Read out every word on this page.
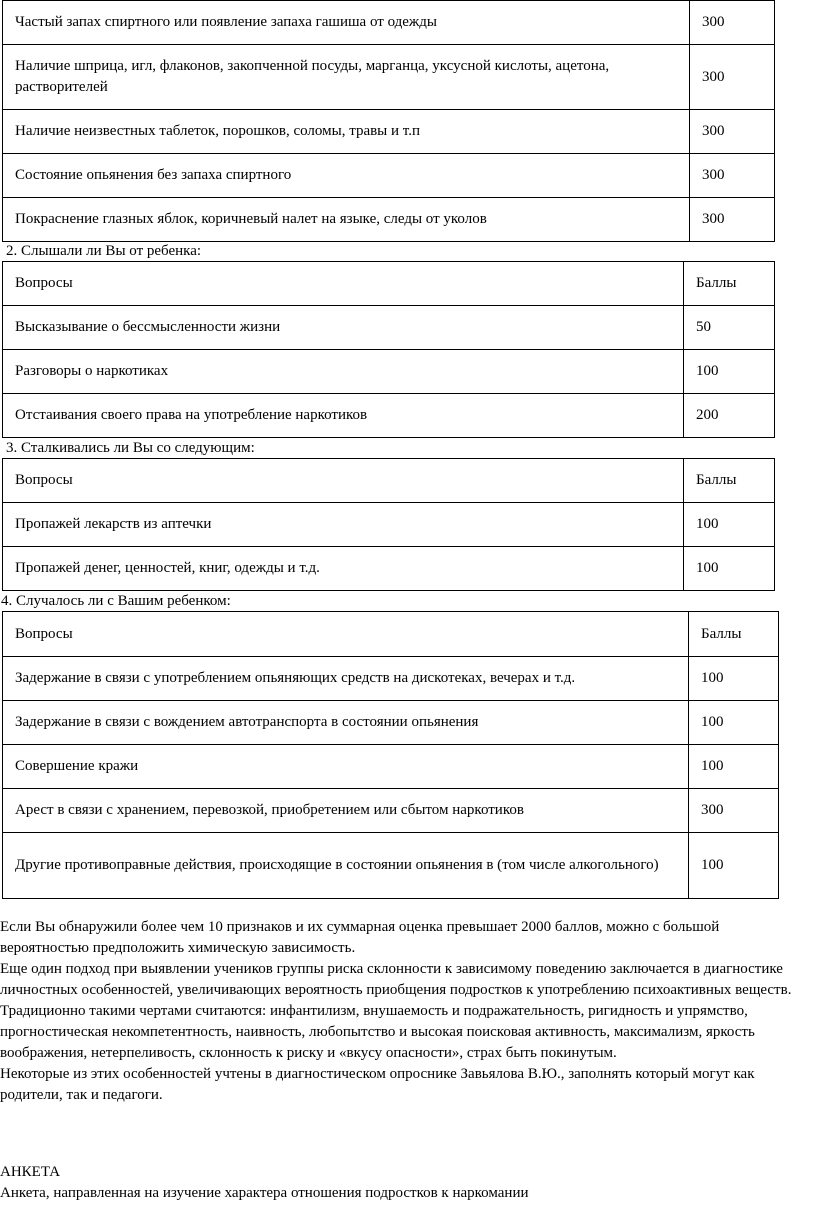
Частый запах спиртного или появление запаха гашиша от одежды	300
Наличие шприца, игл, флаконов, закопченной посуды, марганца, уксусной кислоты, ацетона, растворителей	300
Наличие неизвестных таблеток, порошков, соломы, травы и т.п	300
Состояние опьянения без запаха спиртного	300
Покраснение глазных яблок, коричневый налет на языке, следы от уколов	300
2. Слышали ли Вы от ребенка:
Вопросы	Баллы
Высказывание о бессмысленности жизни	50
Разговоры о наркотиках	100
Отстаивания своего права на употребление наркотиков	200
3. Сталкивались ли Вы со следующим:
Вопросы	Баллы
Пропажей лекарств из аптечки	100
Пропажей денег, ценностей, книг, одежды и т.д.	100
4. Случалось ли с Вашим ребенком:
Вопросы	Баллы
Задержание в связи с употреблением опьяняющих средств на дискотеках, вечерах и т.д.	100
Задержание в связи с вождением автотранспорта в состоянии опьянения	100
Совершение кражи	100
Арест в связи с хранением, перевозкой, приобретением или сбытом наркотиков	300
Другие противоправные действия, происходящие в состоянии опьянения в (том числе алкогольного)	100

Если Вы обнаружили более чем 10 признаков и их суммарная оценка превышает 2000 баллов, можно с большой вероятностью предположить химическую зависимость.

Еще один подход при выявлении учеников группы риска склонности к зависимому поведению заключается в диагностике личностных особенностей, увеличивающих вероятность приобщения подростков к употреблению психоактивных веществ.

Традиционно такими чертами считаются: инфантилизм, внушаемость и подражательность, ригидность и упрямство, прогностическая некомпетентность, наивность, любопытство и высокая поисковая активность, максимализм, яркость воображения, нетерпеливость, склонность к риску и «вкусу опасности», страх быть покинутым.

Некоторые из этих особенностей учтены в диагностическом опроснике Завьялова В.Ю., заполнять который могут как родители, так и педагоги.

АНКЕТА

Анкета, направленная на изучение характера отношения подростков к наркомании
